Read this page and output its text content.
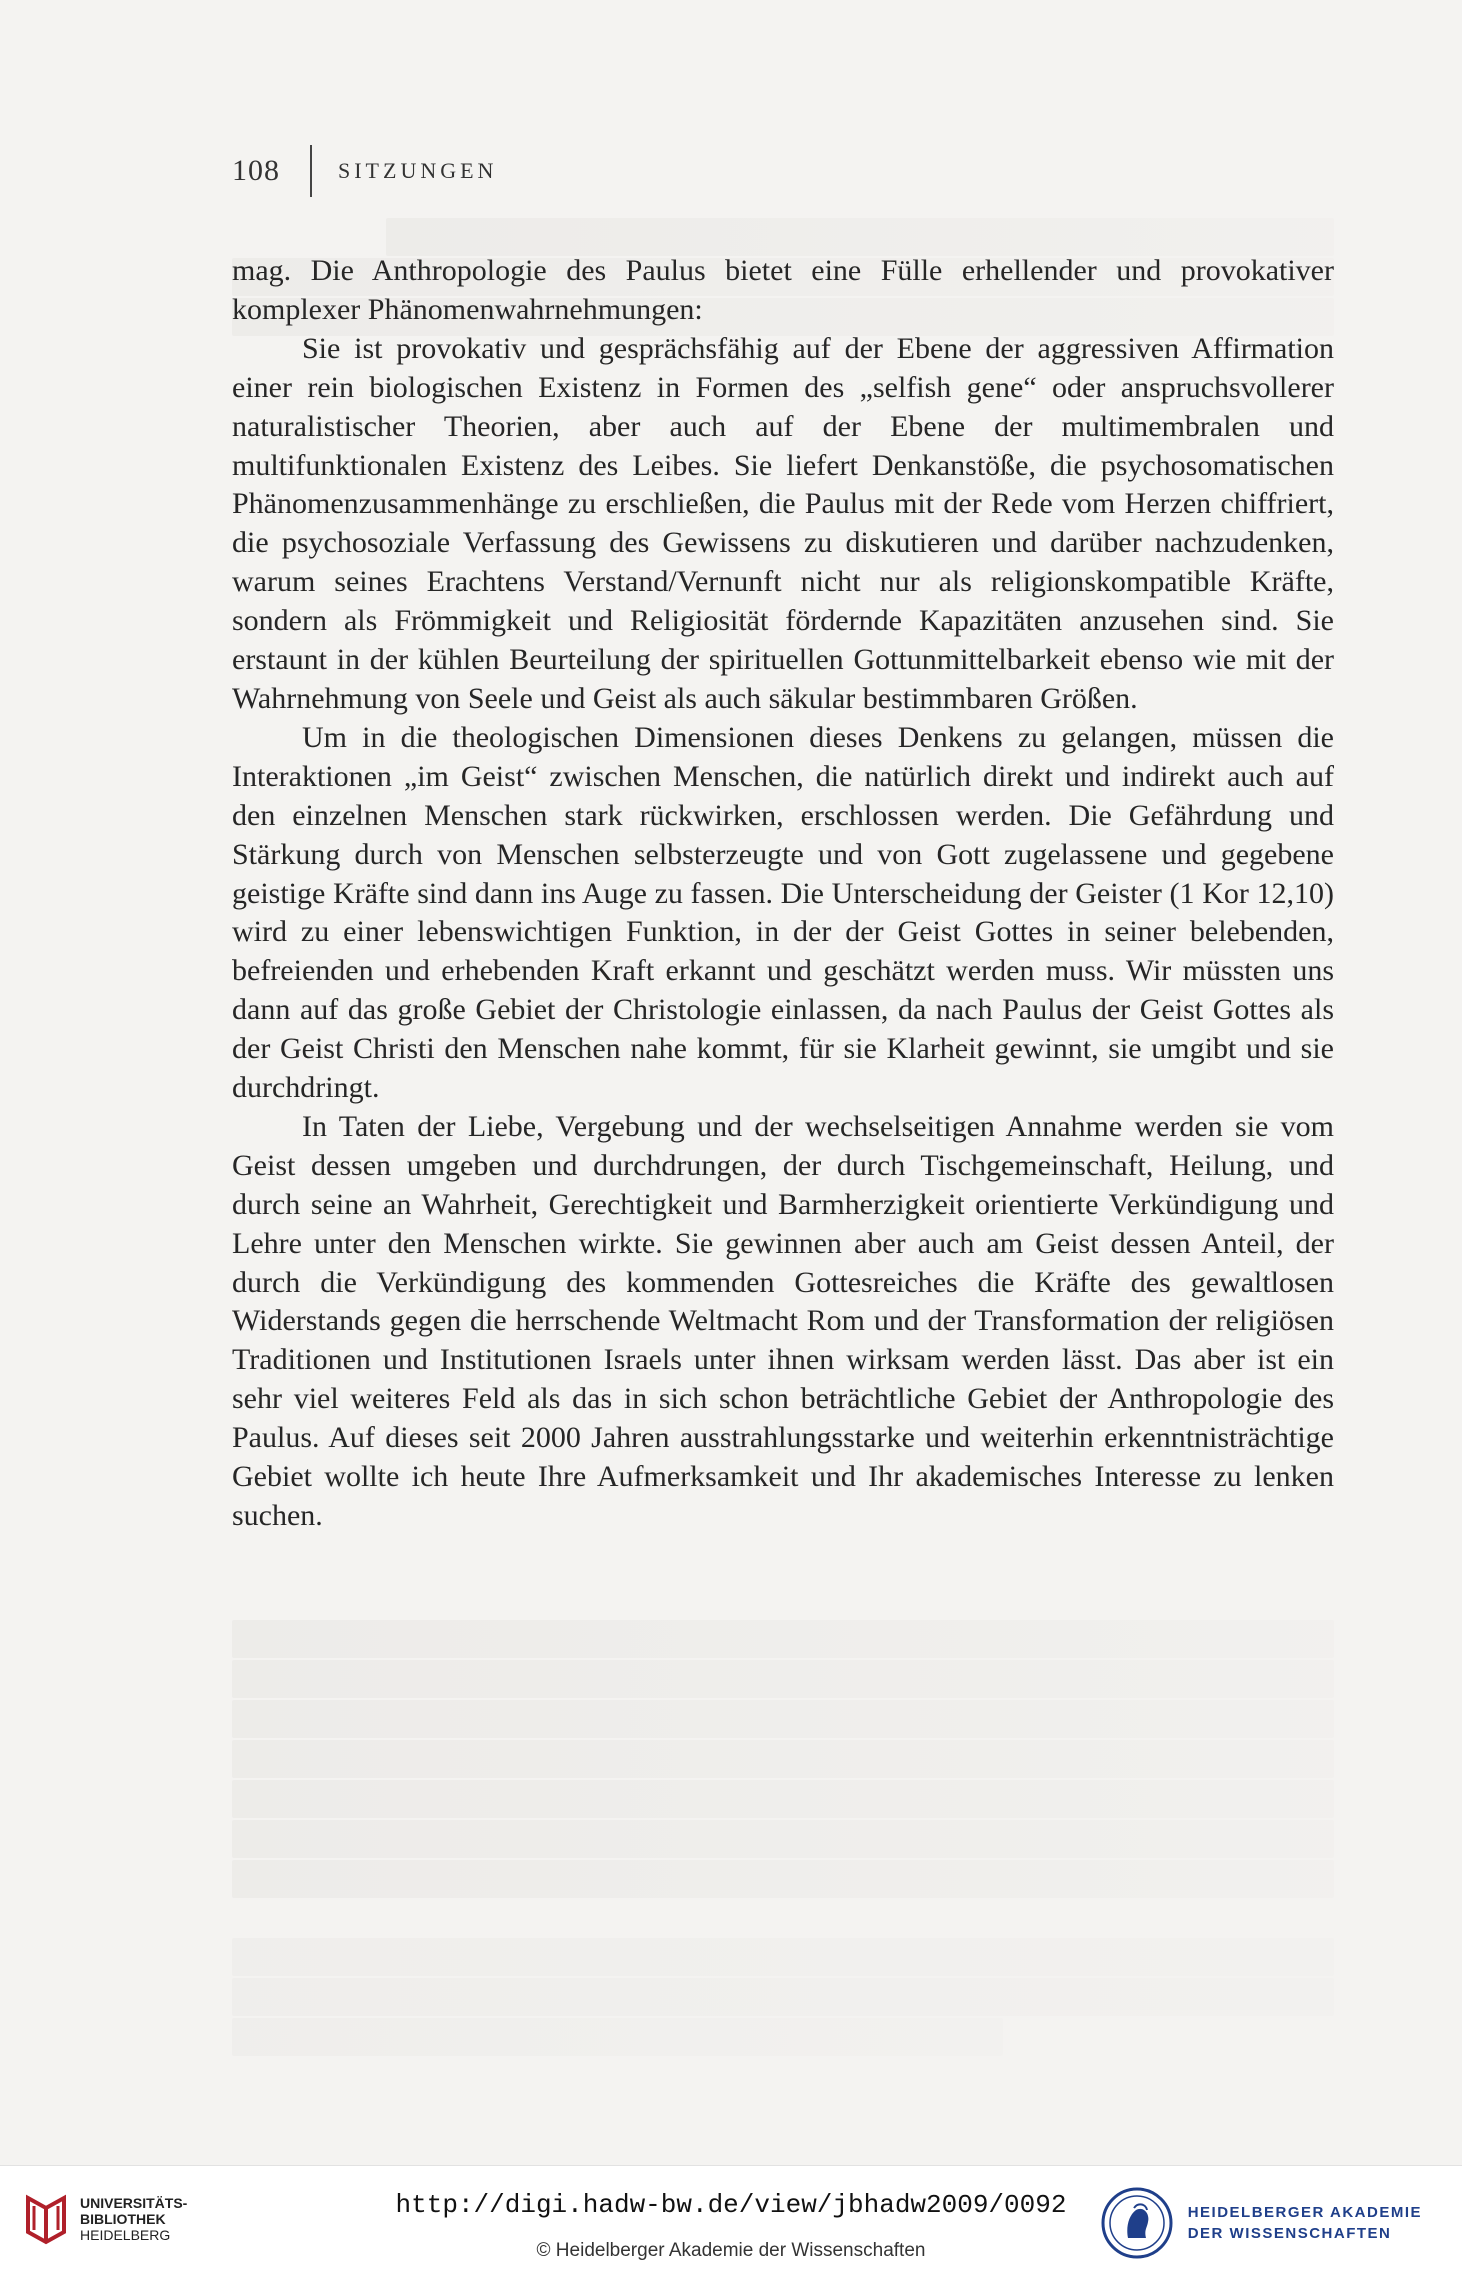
108	SITZUNGEN

mag. Die Anthropologie des Paulus bietet eine Fülle erhellender und provokativer komplexer Phänomenwahrnehmungen:

Sie ist provokativ und gesprächsfähig auf der Ebene der aggressiven Affirmation einer rein biologischen Existenz in Formen des „selfish gene“ oder anspruchsvollerer naturalistischer Theorien, aber auch auf der Ebene der multimembralen und multifunktionalen Existenz des Leibes. Sie liefert Denkanstöße, die psychosomatischen Phänomenzusammenhänge zu erschließen, die Paulus mit der Rede vom Herzen chiffriert, die psychosoziale Verfassung des Gewissens zu diskutieren und darüber nachzudenken, warum seines Erachtens Verstand/Vernunft nicht nur als religionskompatible Kräfte, sondern als Frömmigkeit und Religiosität fördernde Kapazitäten anzusehen sind. Sie erstaunt in der kühlen Beurteilung der spirituellen Gottunmittelbarkeit ebenso wie mit der Wahrnehmung von Seele und Geist als auch säkular bestimmbaren Größen.

Um in die theologischen Dimensionen dieses Denkens zu gelangen, müssen die Interaktionen „im Geist“ zwischen Menschen, die natürlich direkt und indirekt auch auf den einzelnen Menschen stark rückwirken, erschlossen werden. Die Gefährdung und Stärkung durch von Menschen selbsterzeugte und von Gott zugelassene und gegebene geistige Kräfte sind dann ins Auge zu fassen. Die Unterscheidung der Geister (1 Kor 12,10) wird zu einer lebenswichtigen Funktion, in der der Geist Gottes in seiner belebenden, befreienden und erhebenden Kraft erkannt und geschätzt werden muss. Wir müssten uns dann auf das große Gebiet der Christologie einlassen, da nach Paulus der Geist Gottes als der Geist Christi den Menschen nahe kommt, für sie Klarheit gewinnt, sie umgibt und sie durchdringt.

In Taten der Liebe, Vergebung und der wechselseitigen Annahme werden sie vom Geist dessen umgeben und durchdrungen, der durch Tischgemeinschaft, Heilung, und durch seine an Wahrheit, Gerechtigkeit und Barmherzigkeit orientierte Verkündigung und Lehre unter den Menschen wirkte. Sie gewinnen aber auch am Geist dessen Anteil, der durch die Verkündigung des kommenden Gottesreiches die Kräfte des gewaltlosen Widerstands gegen die herrschende Weltmacht Rom und der Transformation der religiösen Traditionen und Institutionen Israels unter ihnen wirksam werden lässt. Das aber ist ein sehr viel weiteres Feld als das in sich schon beträchtliche Gebiet der Anthropologie des Paulus. Auf dieses seit 2000 Jahren ausstrahlungsstarke und weiterhin erkenntnisträchtige Gebiet wollte ich heute Ihre Aufmerksamkeit und Ihr akademisches Interesse zu lenken suchen.

UNIVERSITÄTS-
BIBLIOTHEK
HEIDELBERG
http://digi.hadw-bw.de/view/jbhadw2009/0092
© Heidelberger Akademie der Wissenschaften
HEIDELBERGER AKADEMIE
DER WISSENSCHAFTEN
